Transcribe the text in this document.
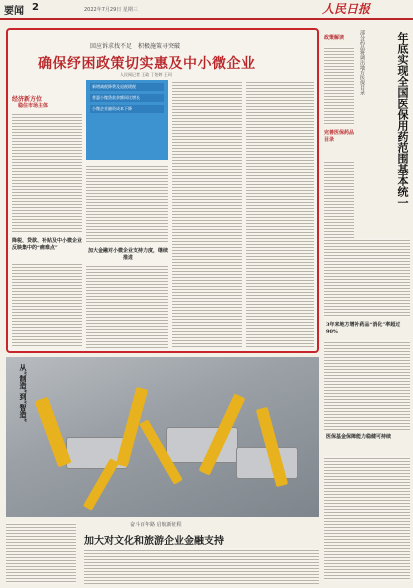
要闻 2	2022年7月29日 星期三	人民日报
回应诉求找不足　积极施策寻突破
确保纾困政策切实惠及中小微企业
人民网记者 王政 丁怡婷 王珂
经济新方位
稳住市场主体
降税、贷款、补贴及中小微企业反映集中的“痛难点”
新增减税降费及退税缓税
普惠小微贷款余额同比增长
小微企业融资成本下降
加大金融对小微企业支持力度，继续推进
政策解读	部分药品将调出地方医保目录	年底实现全国医保用药范围基本统一
完善医保药品目录
3年来地方增补药品“消化”率超过90%
医保基金保障能力稳健可持续
从“制造”到“智造”
奋斗百年路 启航新征程
加大对文化和旅游企业金融支持
